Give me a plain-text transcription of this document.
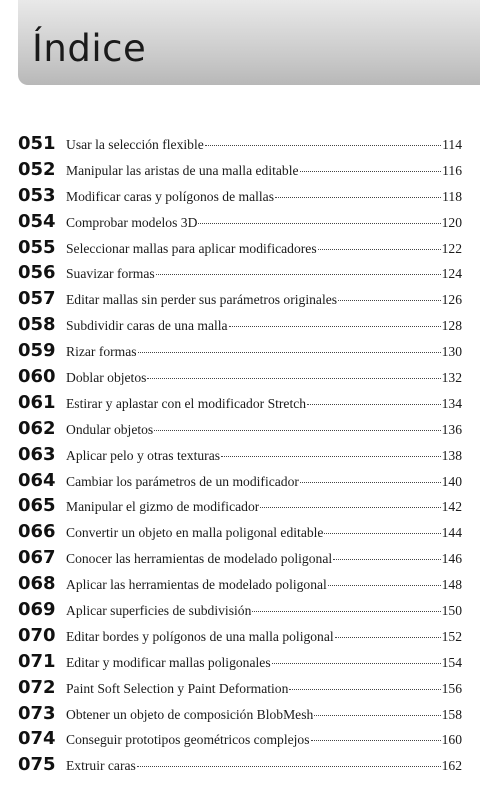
Índice
051 Usar la selección flexible	114
052 Manipular las aristas de una malla editable	116
053 Modificar caras y polígonos de mallas	118
054 Comprobar modelos 3D	120
055 Seleccionar mallas para aplicar modificadores	122
056 Suavizar formas	124
057 Editar mallas sin perder sus parámetros originales	126
058 Subdividir caras de una malla	128
059 Rizar formas	130
060 Doblar objetos	132
061 Estirar y aplastar con el modificador Stretch	134
062 Ondular objetos	136
063 Aplicar pelo y otras texturas	138
064 Cambiar los parámetros de un modificador	140
065 Manipular el gizmo de modificador	142
066 Convertir un objeto en malla poligonal editable	144
067 Conocer las herramientas de modelado poligonal	146
068 Aplicar las herramientas de modelado poligonal	148
069 Aplicar superficies de subdivisión	150
070 Editar bordes y polígonos de una malla poligonal	152
071 Editar y modificar mallas poligonales	154
072 Paint Soft Selection y Paint Deformation	156
073 Obtener un objeto de composición BlobMesh	158
074 Conseguir prototipos geométricos complejos	160
075 Extruir caras	162
